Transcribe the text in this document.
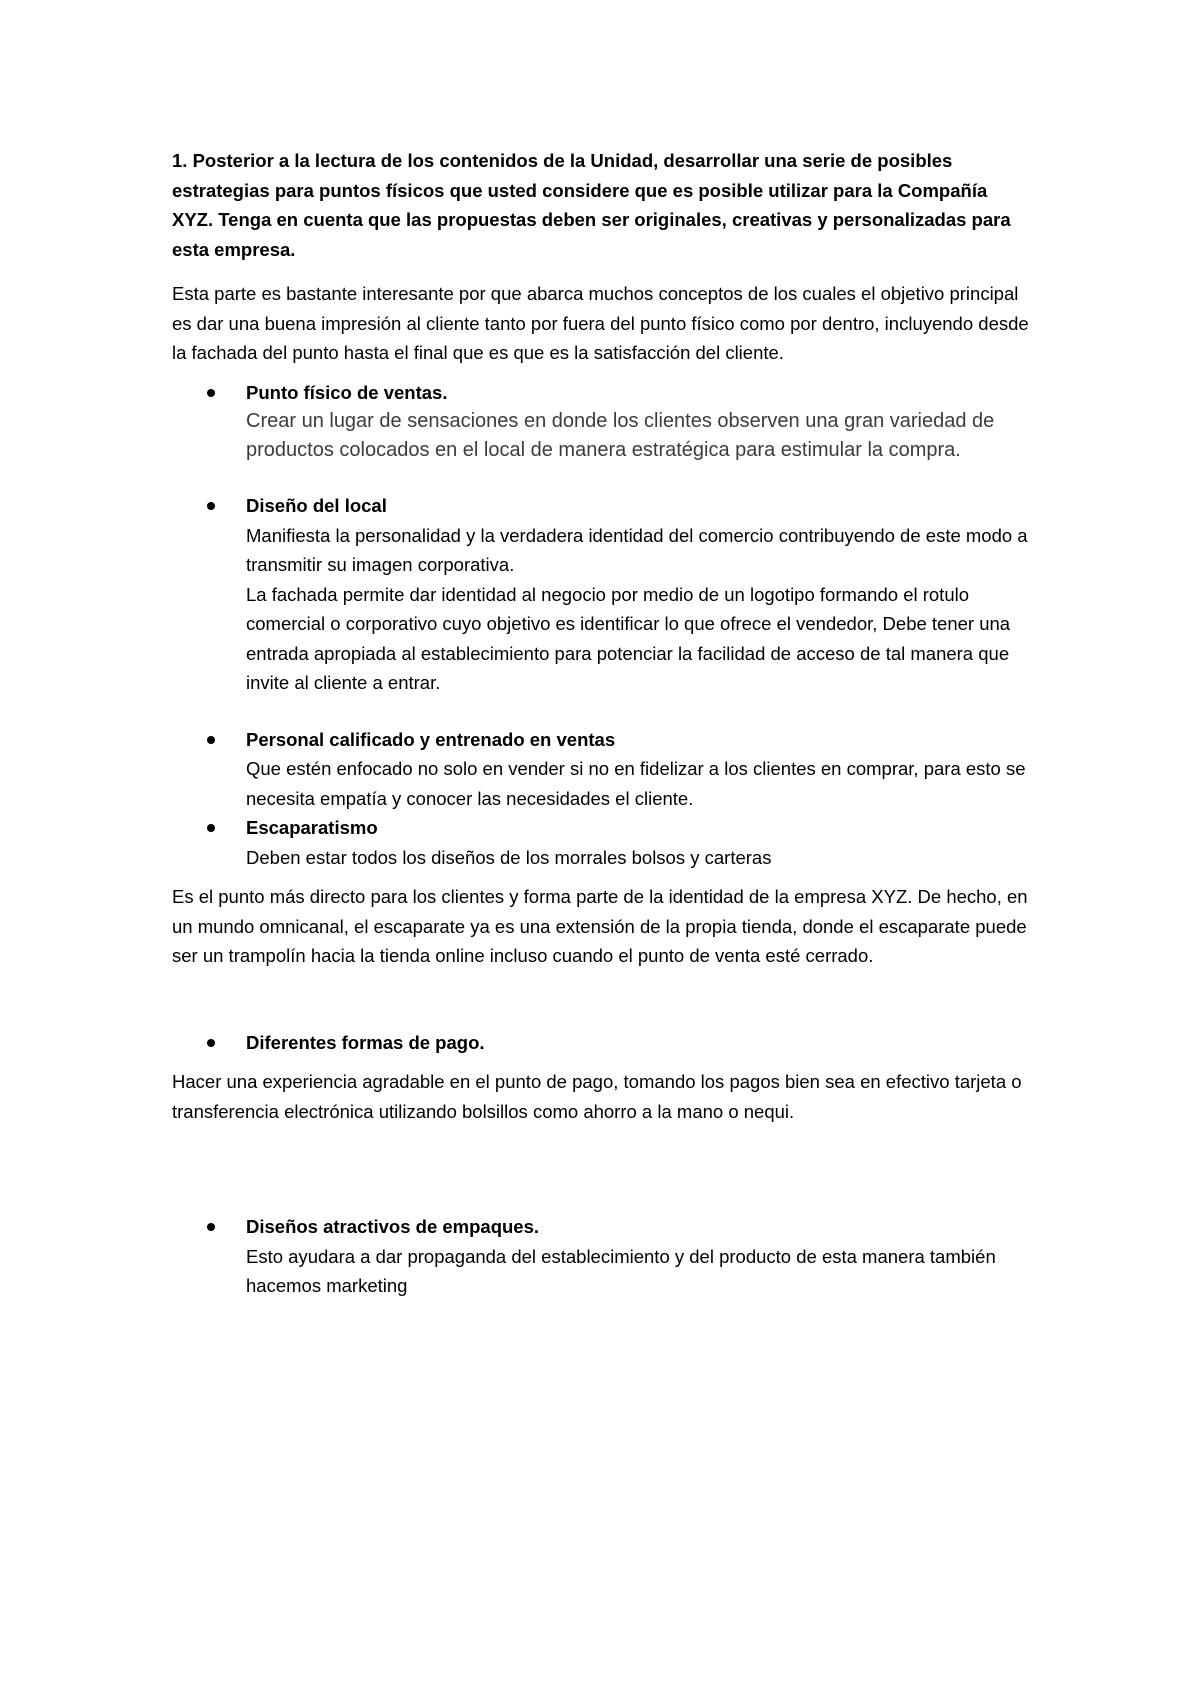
1. Posterior a la lectura de los contenidos de la Unidad, desarrollar una serie de posibles estrategias para puntos físicos que usted considere que es posible utilizar para la Compañía XYZ. Tenga en cuenta que las propuestas deben ser originales, creativas y personalizadas para esta empresa.

Esta parte es bastante interesante por que abarca muchos conceptos de los cuales el objetivo principal es dar una buena impresión al cliente tanto por fuera del punto físico como por dentro, incluyendo desde la fachada del punto hasta el final que es que es la satisfacción del cliente.

Punto físico de ventas.
Crear un lugar de sensaciones en donde los clientes observen una gran variedad de productos colocados en el local de manera estratégica para estimular la compra.
Diseño del local
Manifiesta la personalidad y la verdadera identidad del comercio contribuyendo de este modo a transmitir su imagen corporativa.
La fachada permite dar identidad al negocio por medio de un logotipo formando el rotulo comercial o corporativo cuyo objetivo es identificar lo que ofrece el vendedor, Debe tener una entrada apropiada al establecimiento para potenciar la facilidad de acceso de tal manera que invite al cliente a entrar.
Personal calificado y entrenado en ventas
Que estén enfocado no solo en vender si no en fidelizar a los clientes en comprar, para esto se necesita empatía y conocer las necesidades el cliente.
Escaparatismo
Deben estar todos los diseños de los morrales bolsos y carteras

Es el punto más directo para los clientes y forma parte de la identidad de la empresa XYZ. De hecho, en un mundo omnicanal, el escaparate ya es una extensión de la propia tienda, donde el escaparate puede ser un trampolín hacia la tienda online incluso cuando el punto de venta esté cerrado.

Diferentes formas de pago.

Hacer una experiencia agradable en el punto de pago, tomando los pagos bien sea en efectivo tarjeta o transferencia electrónica utilizando bolsillos como ahorro a la mano o nequi.

Diseños atractivos de empaques.
Esto ayudara a dar propaganda del establecimiento y del producto de esta manera también hacemos marketing
